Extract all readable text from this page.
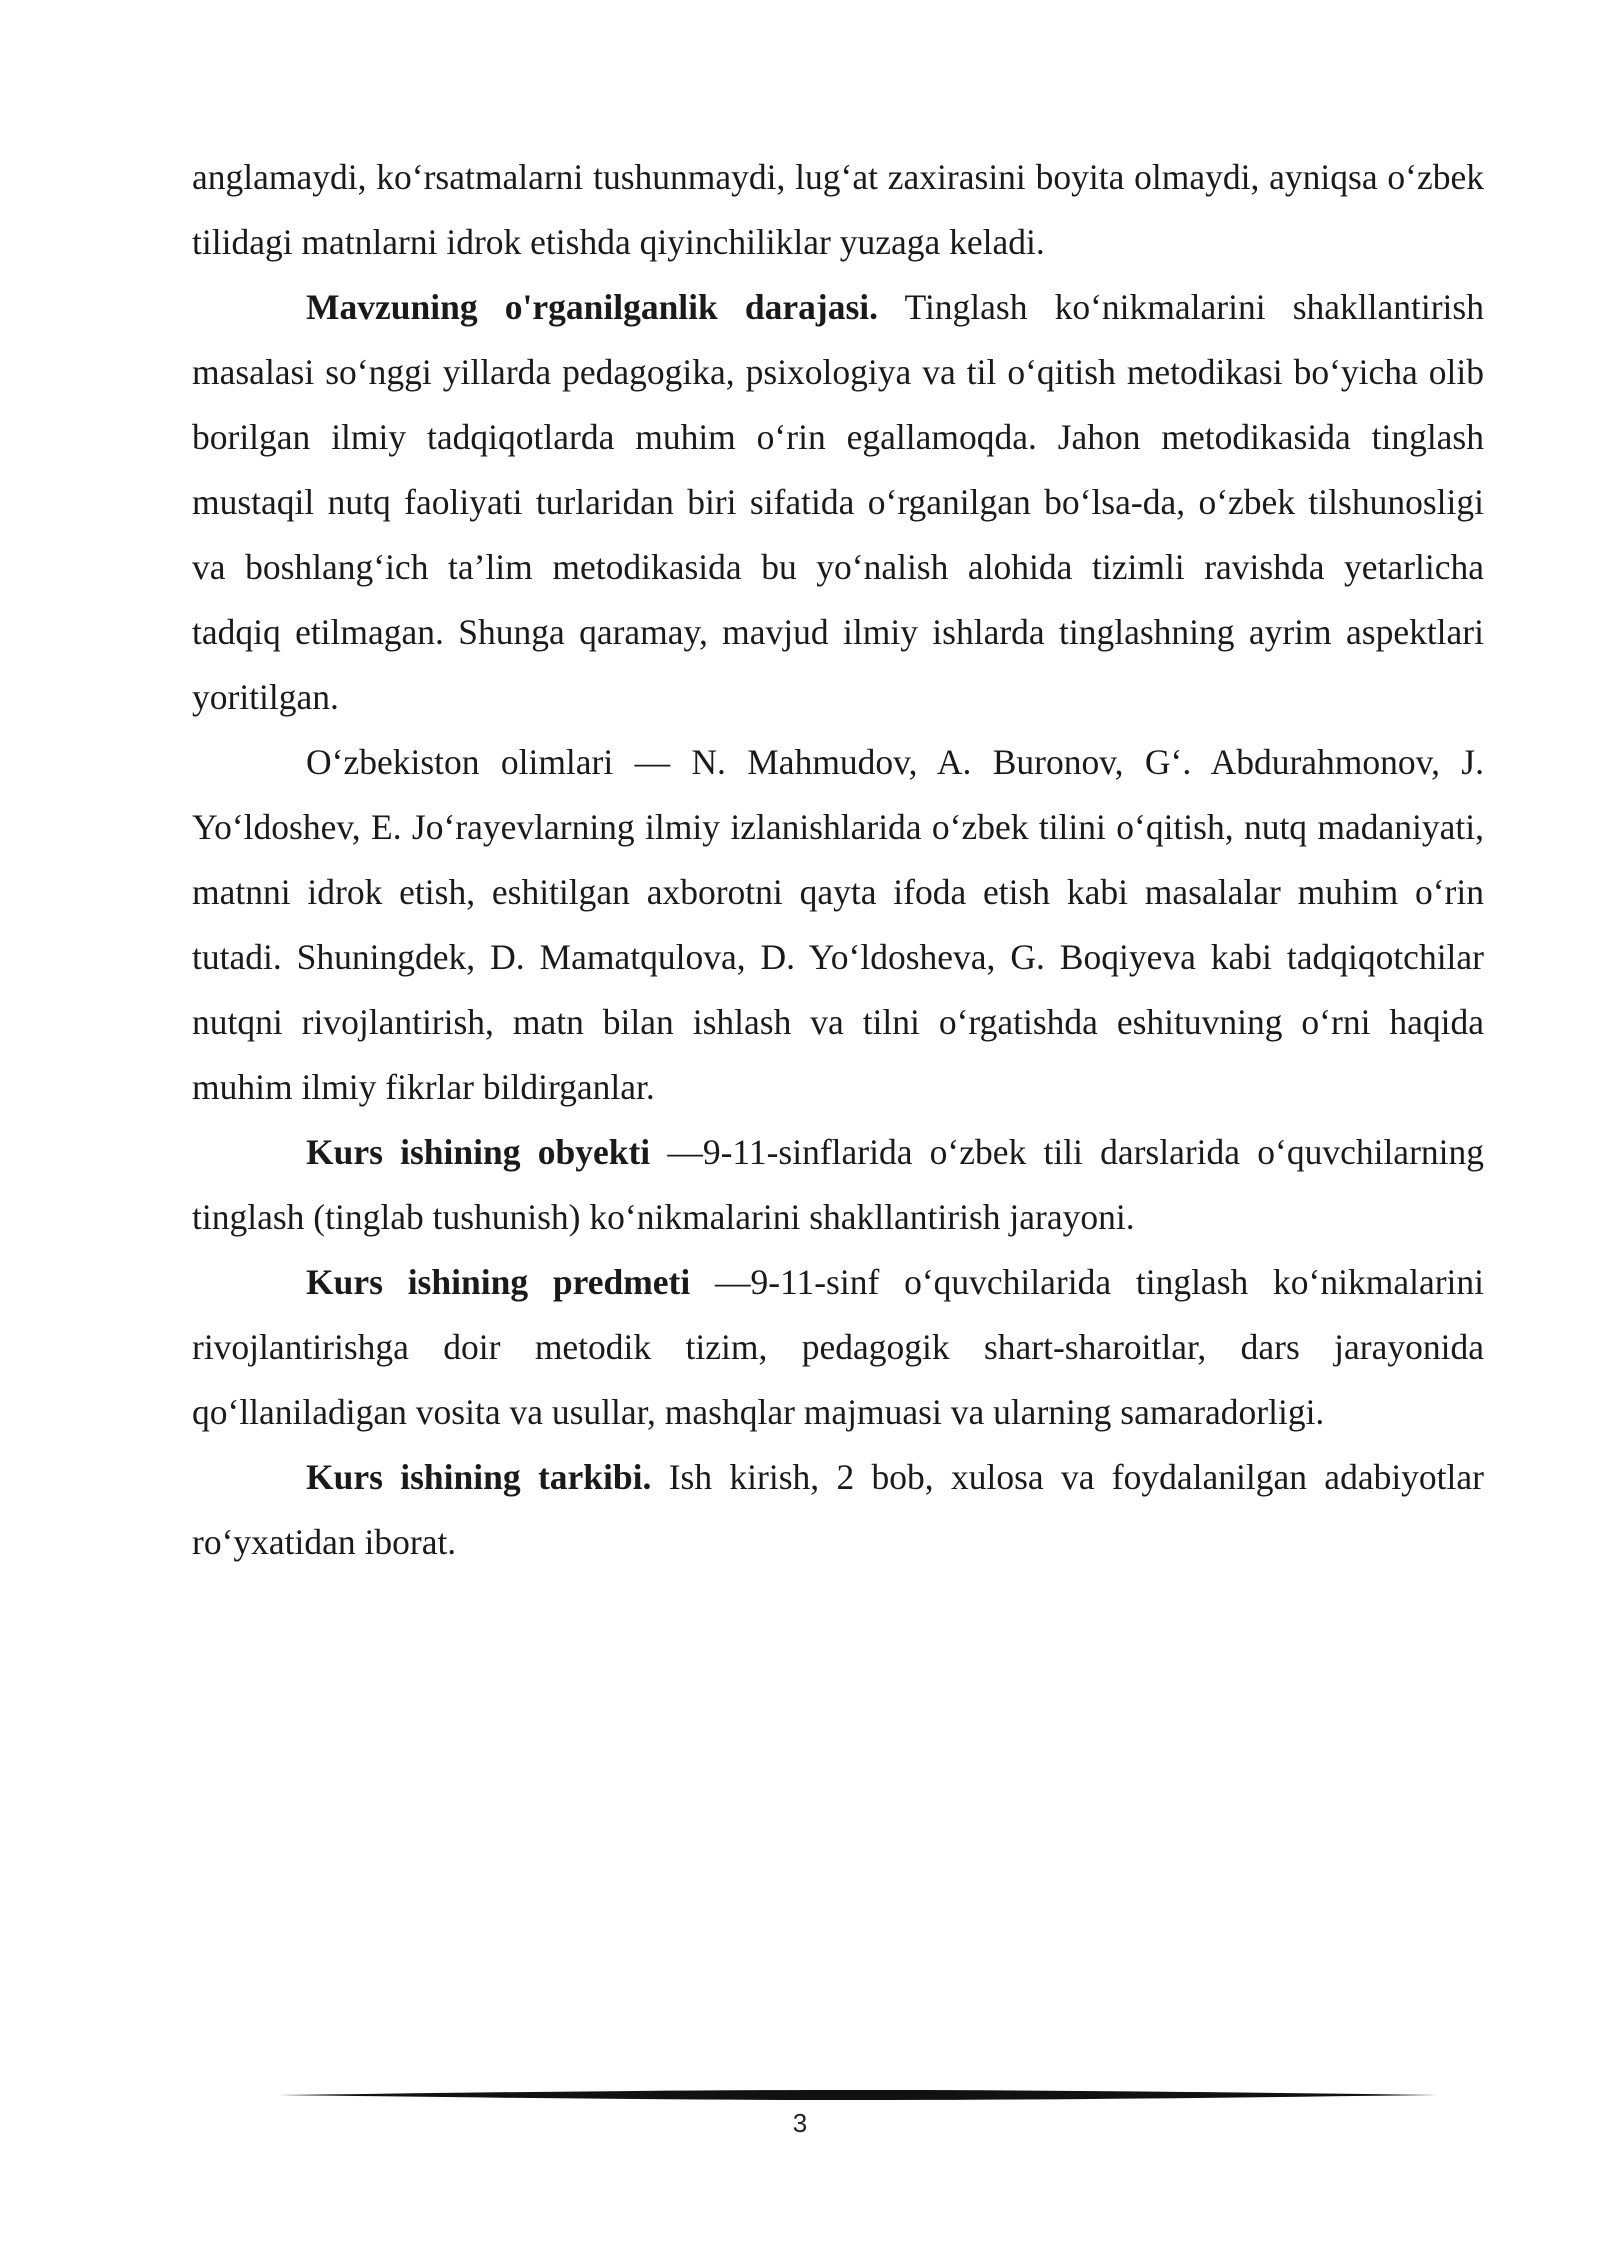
anglamaydi, ko‘rsatmalarni tushunmaydi, lug‘at zaxirasini boyita olmaydi, ayniqsa o‘zbek tilidagi matnlarni idrok etishda qiyinchiliklar yuzaga keladi.

Mavzuning o'rganilganlik darajasi. Tinglash ko‘nikmalarini shakllantirish masalasi so‘nggi yillarda pedagogika, psixologiya va til o‘qitish metodikasi bo‘yicha olib borilgan ilmiy tadqiqotlarda muhim o‘rin egallamoqda. Jahon metodikasida tinglash mustaqil nutq faoliyati turlaridan biri sifatida o‘rganilgan bo‘lsa-da, o‘zbek tilshunosligi va boshlang‘ich ta’lim metodikasida bu yo‘nalish alohida tizimli ravishda yetarlicha tadqiq etilmagan. Shunga qaramay, mavjud ilmiy ishlarda tinglashning ayrim aspektlari yoritilgan.

O‘zbekiston olimlari — N. Mahmudov, A. Buronov, G‘. Abdurahmonov, J. Yo‘ldoshev, E. Jo‘rayevlarning ilmiy izlanishlarida o‘zbek tilini o‘qitish, nutq madaniyati, matnni idrok etish, eshitilgan axborotni qayta ifoda etish kabi masalalar muhim o‘rin tutadi. Shuningdek, D. Mamatqulova, D. Yo‘ldosheva, G. Boqiyeva kabi tadqiqotchilar nutqni rivojlantirish, matn bilan ishlash va tilni o‘rgatishda eshituvning o‘rni haqida muhim ilmiy fikrlar bildirganlar.

Kurs ishining obyekti —9-11-sinflarida o‘zbek tili darslarida o‘quvchilarning tinglash (tinglab tushunish) ko‘nikmalarini shakllantirish jarayoni.

Kurs ishining predmeti —9-11-sinf o‘quvchilarida tinglash ko‘nikmalarini rivojlantirishga doir metodik tizim, pedagogik shart-sharoitlar, dars jarayonida qo‘llaniladigan vosita va usullar, mashqlar majmuasi va ularning samaradorligi.

Kurs ishining tarkibi. Ish kirish, 2 bob, xulosa va foydalanilgan adabiyotlar ro‘yxatidan iborat.

3
